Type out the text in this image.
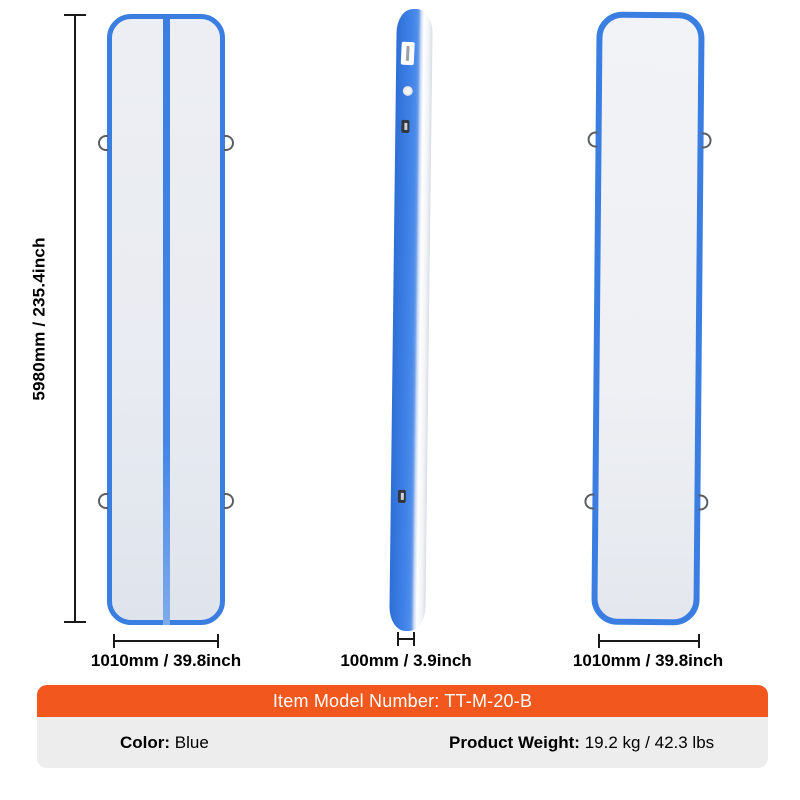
5980mm / 235.4inch
1010mm / 39.8inch	100mm / 3.9inch	1010mm / 39.8inch
Item Model Number: TT-M-20-B
Color: Blue	Product Weight: 19.2 kg / 42.3 lbs
